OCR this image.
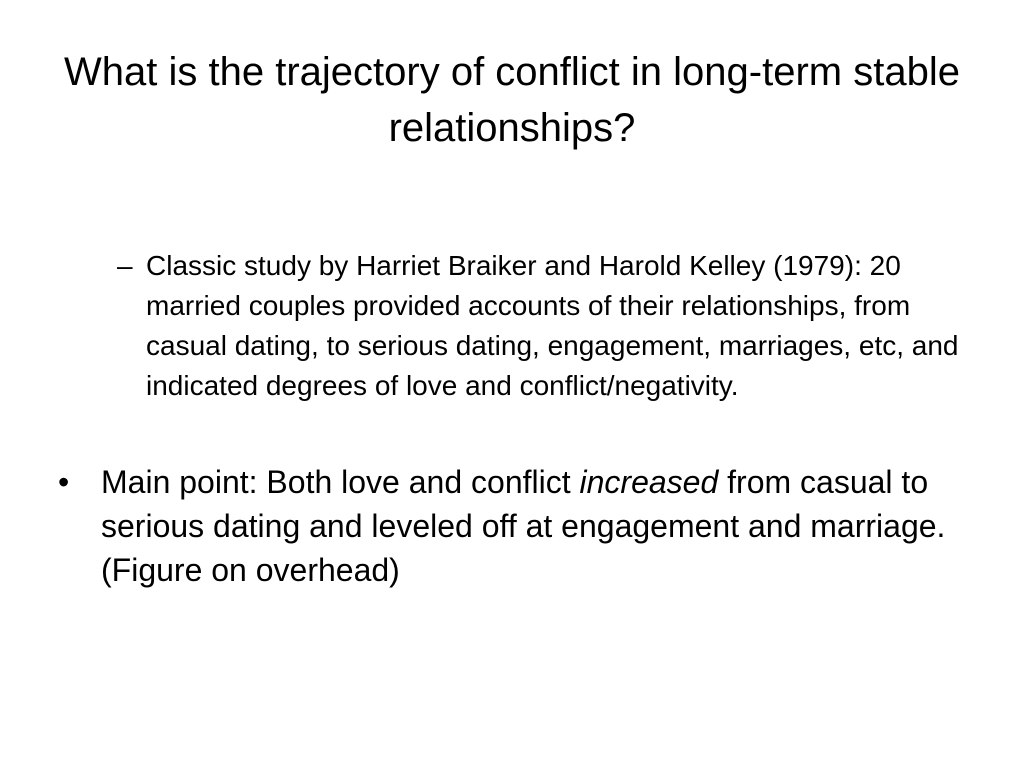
What is the trajectory of conflict in long-term stable relationships?
– Classic study by Harriet Braiker and Harold Kelley (1979): 20 married couples provided accounts of their relationships, from casual dating, to serious dating, engagement, marriages, etc, and indicated degrees of love and conflict/negativity.
• Main point: Both love and conflict increased from casual to serious dating and leveled off at engagement and marriage. (Figure on overhead)
